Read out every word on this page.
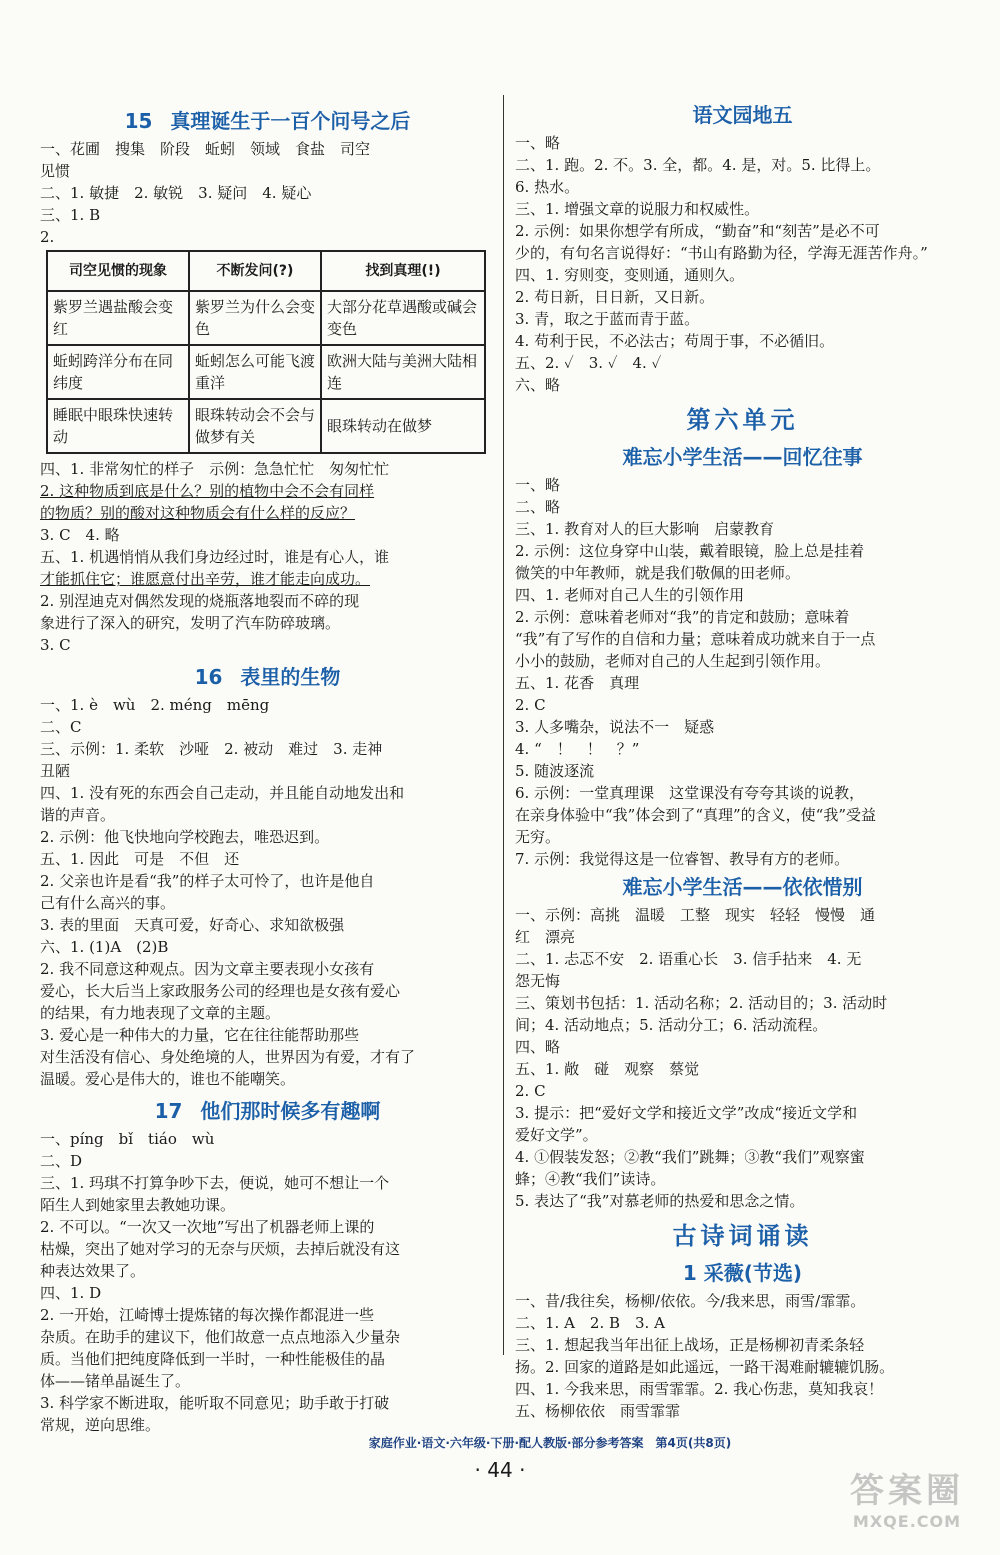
15 真理诞生于一百个问号之后
一、花圃　搜集　阶段　蚯蚓　领域　食盐　司空
见惯
二、1. 敏捷　2. 敏锐　3. 疑问　4. 疑心
三、1. B
2.
司空见惯的现象	不断发问(?)	找到真理(!)
紫罗兰遇盐酸会变红	紫罗兰为什么会变色	大部分花草遇酸或碱会变色
蚯蚓跨洋分布在同纬度	蚯蚓怎么可能飞渡重洋	欧洲大陆与美洲大陆相连
睡眠中眼珠快速转动	眼珠转动会不会与做梦有关	眼珠转动在做梦
四、1. 非常匆忙的样子　示例：急急忙忙　匆匆忙忙
2. 这种物质到底是什么？别的植物中会不会有同样
的物质？别的酸对这种物质会有什么样的反应？
3. C　4. 略
五、1. 机遇悄悄从我们身边经过时，谁是有心人，谁
才能抓住它；谁愿意付出辛劳，谁才能走向成功。
2. 别涅迪克对偶然发现的烧瓶落地裂而不碎的现
象进行了深入的研究，发明了汽车防碎玻璃。
3. C
16 表里的生物
一、1. è　wù　2. méng　mēng
二、C
三、示例：1. 柔软　沙哑　2. 被动　难过　3. 走神
丑陋
四、1. 没有死的东西会自己走动，并且能自动地发出和
谐的声音。
2. 示例：他飞快地向学校跑去，唯恐迟到。
五、1. 因此　可是　不但　还
2. 父亲也许是看“我”的样子太可怜了，也许是他自
己有什么高兴的事。
3. 表的里面　天真可爱，好奇心、求知欲极强
六、1. (1)A　(2)B
2. 我不同意这种观点。因为文章主要表现小女孩有
爱心，长大后当上家政服务公司的经理也是女孩有爱心
的结果，有力地表现了文章的主题。
3. 爱心是一种伟大的力量，它在往往能帮助那些
对生活没有信心、身处绝境的人，世界因为有爱，才有了
温暖。爱心是伟大的，谁也不能嘲笑。
17 他们那时候多有趣啊
一、píng　bǐ　tiáo　wù
二、D
三、1. 玛琪不打算争吵下去，便说，她可不想让一个
陌生人到她家里去教她功课。
2. 不可以。“一次又一次地”写出了机器老师上课的
枯燥，突出了她对学习的无奈与厌烦，去掉后就没有这
种表达效果了。
四、1. D
2. 一开始，江崎博士提炼锗的每次操作都混进一些
杂质。在助手的建议下，他们故意一点点地添入少量杂
质。当他们把纯度降低到一半时，一种性能极佳的晶
体——锗单晶诞生了。
3. 科学家不断进取，能听取不同意见；助手敢于打破
常规，逆向思维。
语文园地五
一、略
二、1. 跑。2. 不。3. 全，都。4. 是，对。5. 比得上。
6. 热水。
三、1. 增强文章的说服力和权威性。
2. 示例：如果你想学有所成，“勤奋”和“刻苦”是必不可
少的，有句名言说得好：“书山有路勤为径，学海无涯苦作舟。”
四、1. 穷则变，变则通，通则久。
2. 苟日新，日日新，又日新。
3. 青，取之于蓝而青于蓝。
4. 苟利于民，不必法古；苟周于事，不必循旧。
五、2. ✓　3. ✓　4. ✓
六、略
第六单元
难忘小学生活——回忆往事
一、略
二、略
三、1. 教育对人的巨大影响　启蒙教育
2. 示例：这位身穿中山装，戴着眼镜，脸上总是挂着
微笑的中年教师，就是我们敬佩的田老师。
四、1. 老师对自己人生的引领作用
2. 示例：意味着老师对“我”的肯定和鼓励；意味着
“我”有了写作的自信和力量；意味着成功就来自于一点
小小的鼓励，老师对自己的人生起到引领作用。
五、1. 花香　真理
2. C
3. 人多嘴杂，说法不一　疑惑
4. “　！　！　？”
5. 随波逐流
6. 示例：一堂真理课　这堂课没有夸夸其谈的说教，
在亲身体验中“我”体会到了“真理”的含义，使“我”受益
无穷。
7. 示例：我觉得这是一位睿智、教导有方的老师。
难忘小学生活——依依惜别
一、示例：高挑　温暖　工整　现实　轻轻　慢慢　通
红　漂亮
二、1. 忐忑不安　2. 语重心长　3. 信手拈来　4. 无
怨无悔
三、策划书包括：1. 活动名称；2. 活动目的；3. 活动时
间；4. 活动地点；5. 活动分工；6. 活动流程。
四、略
五、1. 敞　碰　观察　蔡觉
2. C
3. 提示：把“爱好文学和接近文学”改成“接近文学和
爱好文学”。
4. ①假装发怒；②教“我们”跳舞；③教“我们”观察蜜
蜂；④教“我们”读诗。
5. 表达了“我”对慕老师的热爱和思念之情。
古诗词诵读
1 采薇(节选)
一、昔/我往矣，杨柳/依依。今/我来思，雨雪/霏霏。
二、1. A　2. B　3. A
三、1. 想起我当年出征上战场，正是杨柳初青柔条轻
扬。2. 回家的道路是如此遥远，一路干渴难耐辘辘饥肠。
四、1. 今我来思，雨雪霏霏。2. 我心伤悲，莫知我哀！
五、杨柳依依　雨雪霏霏
家庭作业·语文·六年级·下册·配人教版·部分参考答案　第4页(共8页)
· 44 ·
答案圈
MXQE.COM
